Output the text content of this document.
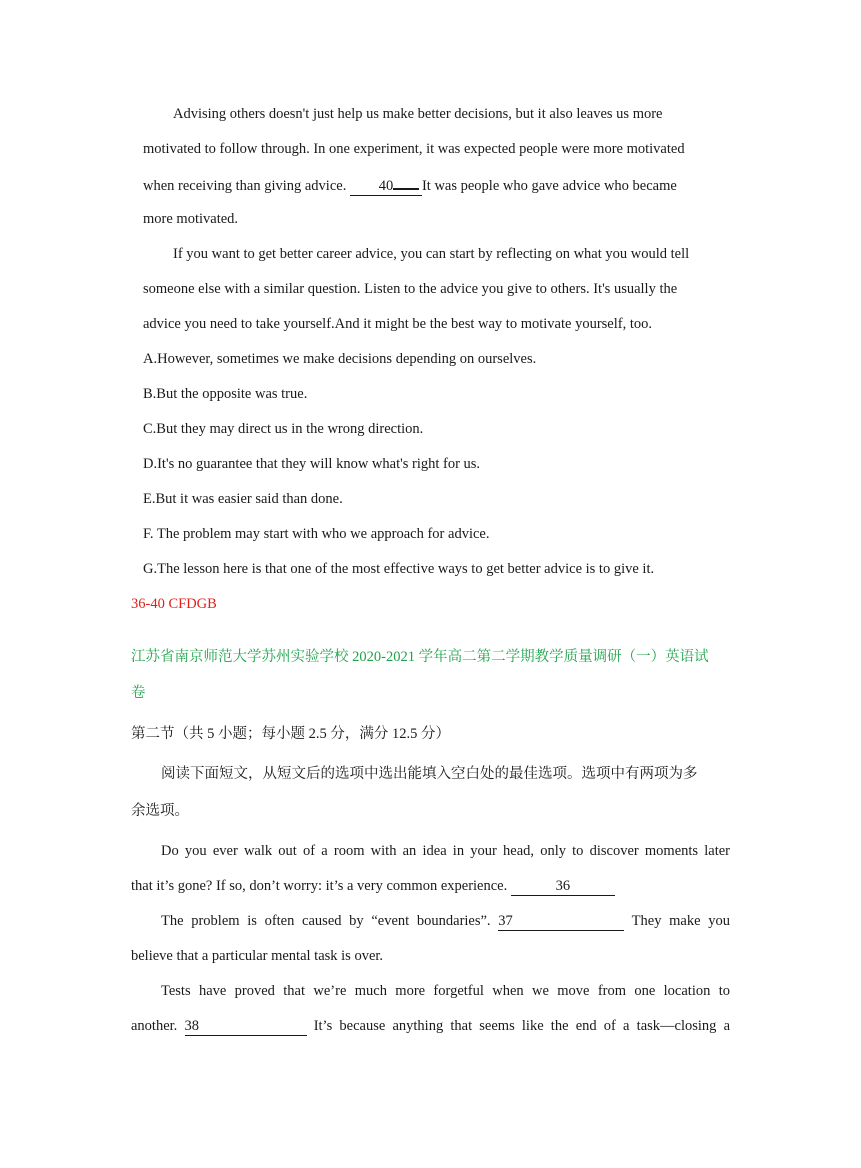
Advising others doesn't just help us make better decisions, but it also leaves us more
motivated to follow through. In one experiment, it was expected people were more motivated
when receiving than giving advice. 40 It was people who gave advice who became
more motivated.
If you want to get better career advice, you can start by reflecting on what you would tell
someone else with a similar question. Listen to the advice you give to others. It's usually the
advice you need to take yourself.And it might be the best way to motivate yourself, too.
A.However, sometimes we make decisions depending on ourselves.
B.But the opposite was true.
C.But they may direct us in the wrong direction.
D.It's no guarantee that they will know what's right for us.
E.But it was easier said than done.
F. The problem may start with who we approach for advice.
G.The lesson here is that one of the most effective ways to get better advice is to give it.
36-40 CFDGB
江苏省南京师范大学苏州实验学校 2020-2021 学年高二第二学期教学质量调研（一）英语试
卷
第二节（共 5 小题；每小题 2.5 分，满分 12.5 分）
阅读下面短文，从短文后的选项中选出能填入空白处的最佳选项。选项中有两项为多
余选项。
Do you ever walk out of a room with an idea in your head, only to discover moments later
that it’s gone? If so, don’t worry: it’s a very common experience.	36
The problem is often caused by “event boundaries”. 37	They make you
believe that a particular mental task is over.
Tests have proved that we’re much more forgetful when we move from one location to
another. 38	It’s because anything that seems like the end of a task—closing a
